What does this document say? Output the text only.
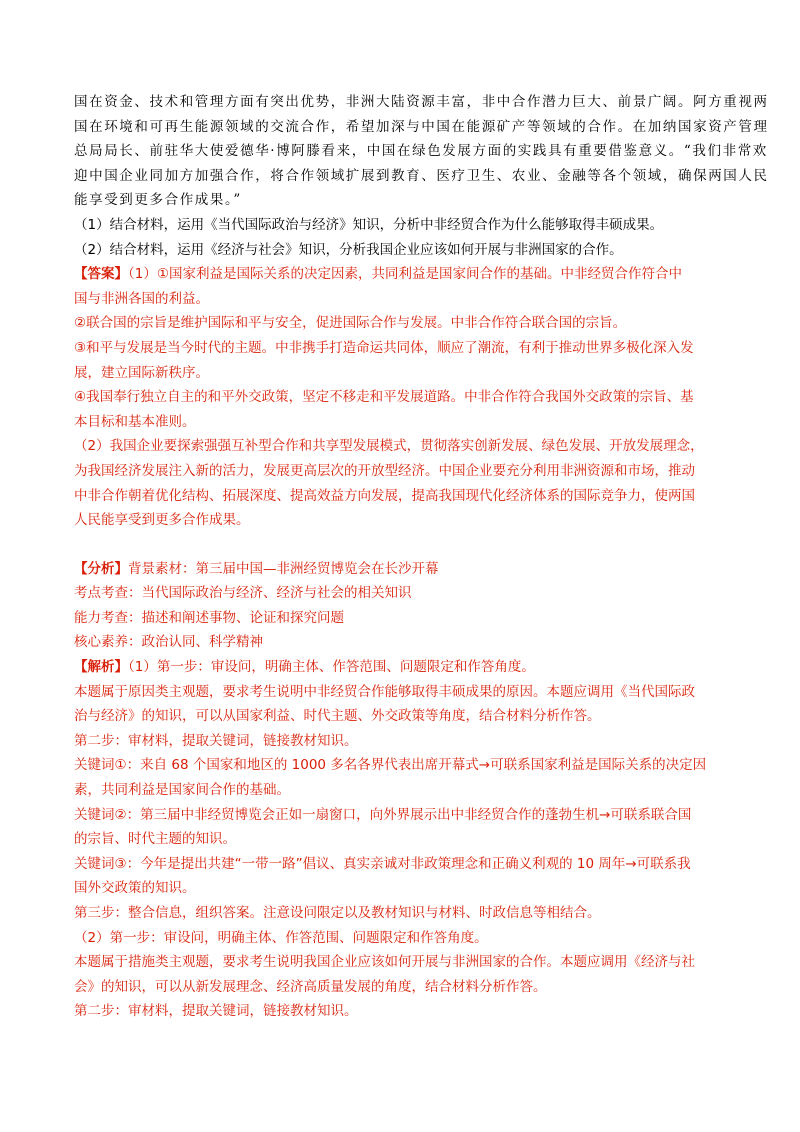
国在资金、技术和管理方面有突出优势，非洲大陆资源丰富，非中合作潜力巨大、前景广阔。阿方重视两
国在环境和可再生能源领域的交流合作，希望加深与中国在能源矿产等领域的合作。在加纳国家资产管理
总局局长、前驻华大使爱德华·博阿滕看来，中国在绿色发展方面的实践具有重要借鉴意义。“我们非常欢
迎中国企业同加方加强合作，将合作领域扩展到教育、医疗卫生、农业、金融等各个领域，确保两国人民
能享受到更多合作成果。”
（1）结合材料，运用《当代国际政治与经济》知识，分析中非经贸合作为什么能够取得丰硕成果。
（2）结合材料，运用《经济与社会》知识，分析我国企业应该如何开展与非洲国家的合作。
【答案】（1）①国家利益是国际关系的决定因素，共同利益是国家间合作的基础。中非经贸合作符合中
国与非洲各国的利益。
②联合国的宗旨是维护国际和平与安全，促进国际合作与发展。中非合作符合联合国的宗旨。
③和平与发展是当今时代的主题。中非携手打造命运共同体，顺应了潮流，有利于推动世界多极化深入发
展，建立国际新秩序。
④我国奉行独立自主的和平外交政策，坚定不移走和平发展道路。中非合作符合我国外交政策的宗旨、基
本目标和基本准则。
（2）我国企业要探索强强互补型合作和共享型发展模式，贯彻落实创新发展、绿色发展、开放发展理念，
为我国经济发展注入新的活力，发展更高层次的开放型经济。中国企业要充分利用非洲资源和市场，推动
中非合作朝着优化结构、拓展深度、提高效益方向发展，提高我国现代化经济体系的国际竞争力，使两国
人民能享受到更多合作成果。
【分析】背景素材：第三届中国—非洲经贸博览会在长沙开幕
考点考查：当代国际政治与经济、经济与社会的相关知识
能力考查：描述和阐述事物、论证和探究问题
核心素养：政治认同、科学精神
【解析】（1）第一步：审设问，明确主体、作答范围、问题限定和作答角度。
本题属于原因类主观题，要求考生说明中非经贸合作能够取得丰硕成果的原因。本题应调用《当代国际政
治与经济》的知识，可以从国家利益、时代主题、外交政策等角度，结合材料分析作答。
第二步：审材料，提取关键词，链接教材知识。
关键词①：来自 68 个国家和地区的 1000 多名各界代表出席开幕式→可联系国家利益是国际关系的决定因
素，共同利益是国家间合作的基础。
关键词②：第三届中非经贸博览会正如一扇窗口，向外界展示出中非经贸合作的蓬勃生机→可联系联合国
的宗旨、时代主题的知识。
关键词③：今年是提出共建“一带一路”倡议、真实亲诚对非政策理念和正确义利观的 10 周年→可联系我
国外交政策的知识。
第三步：整合信息，组织答案。注意设问限定以及教材知识与材料、时政信息等相结合。
（2）第一步：审设问，明确主体、作答范围、问题限定和作答角度。
本题属于措施类主观题，要求考生说明我国企业应该如何开展与非洲国家的合作。本题应调用《经济与社
会》的知识，可以从新发展理念、经济高质量发展的角度，结合材料分析作答。
第二步：审材料，提取关键词，链接教材知识。
